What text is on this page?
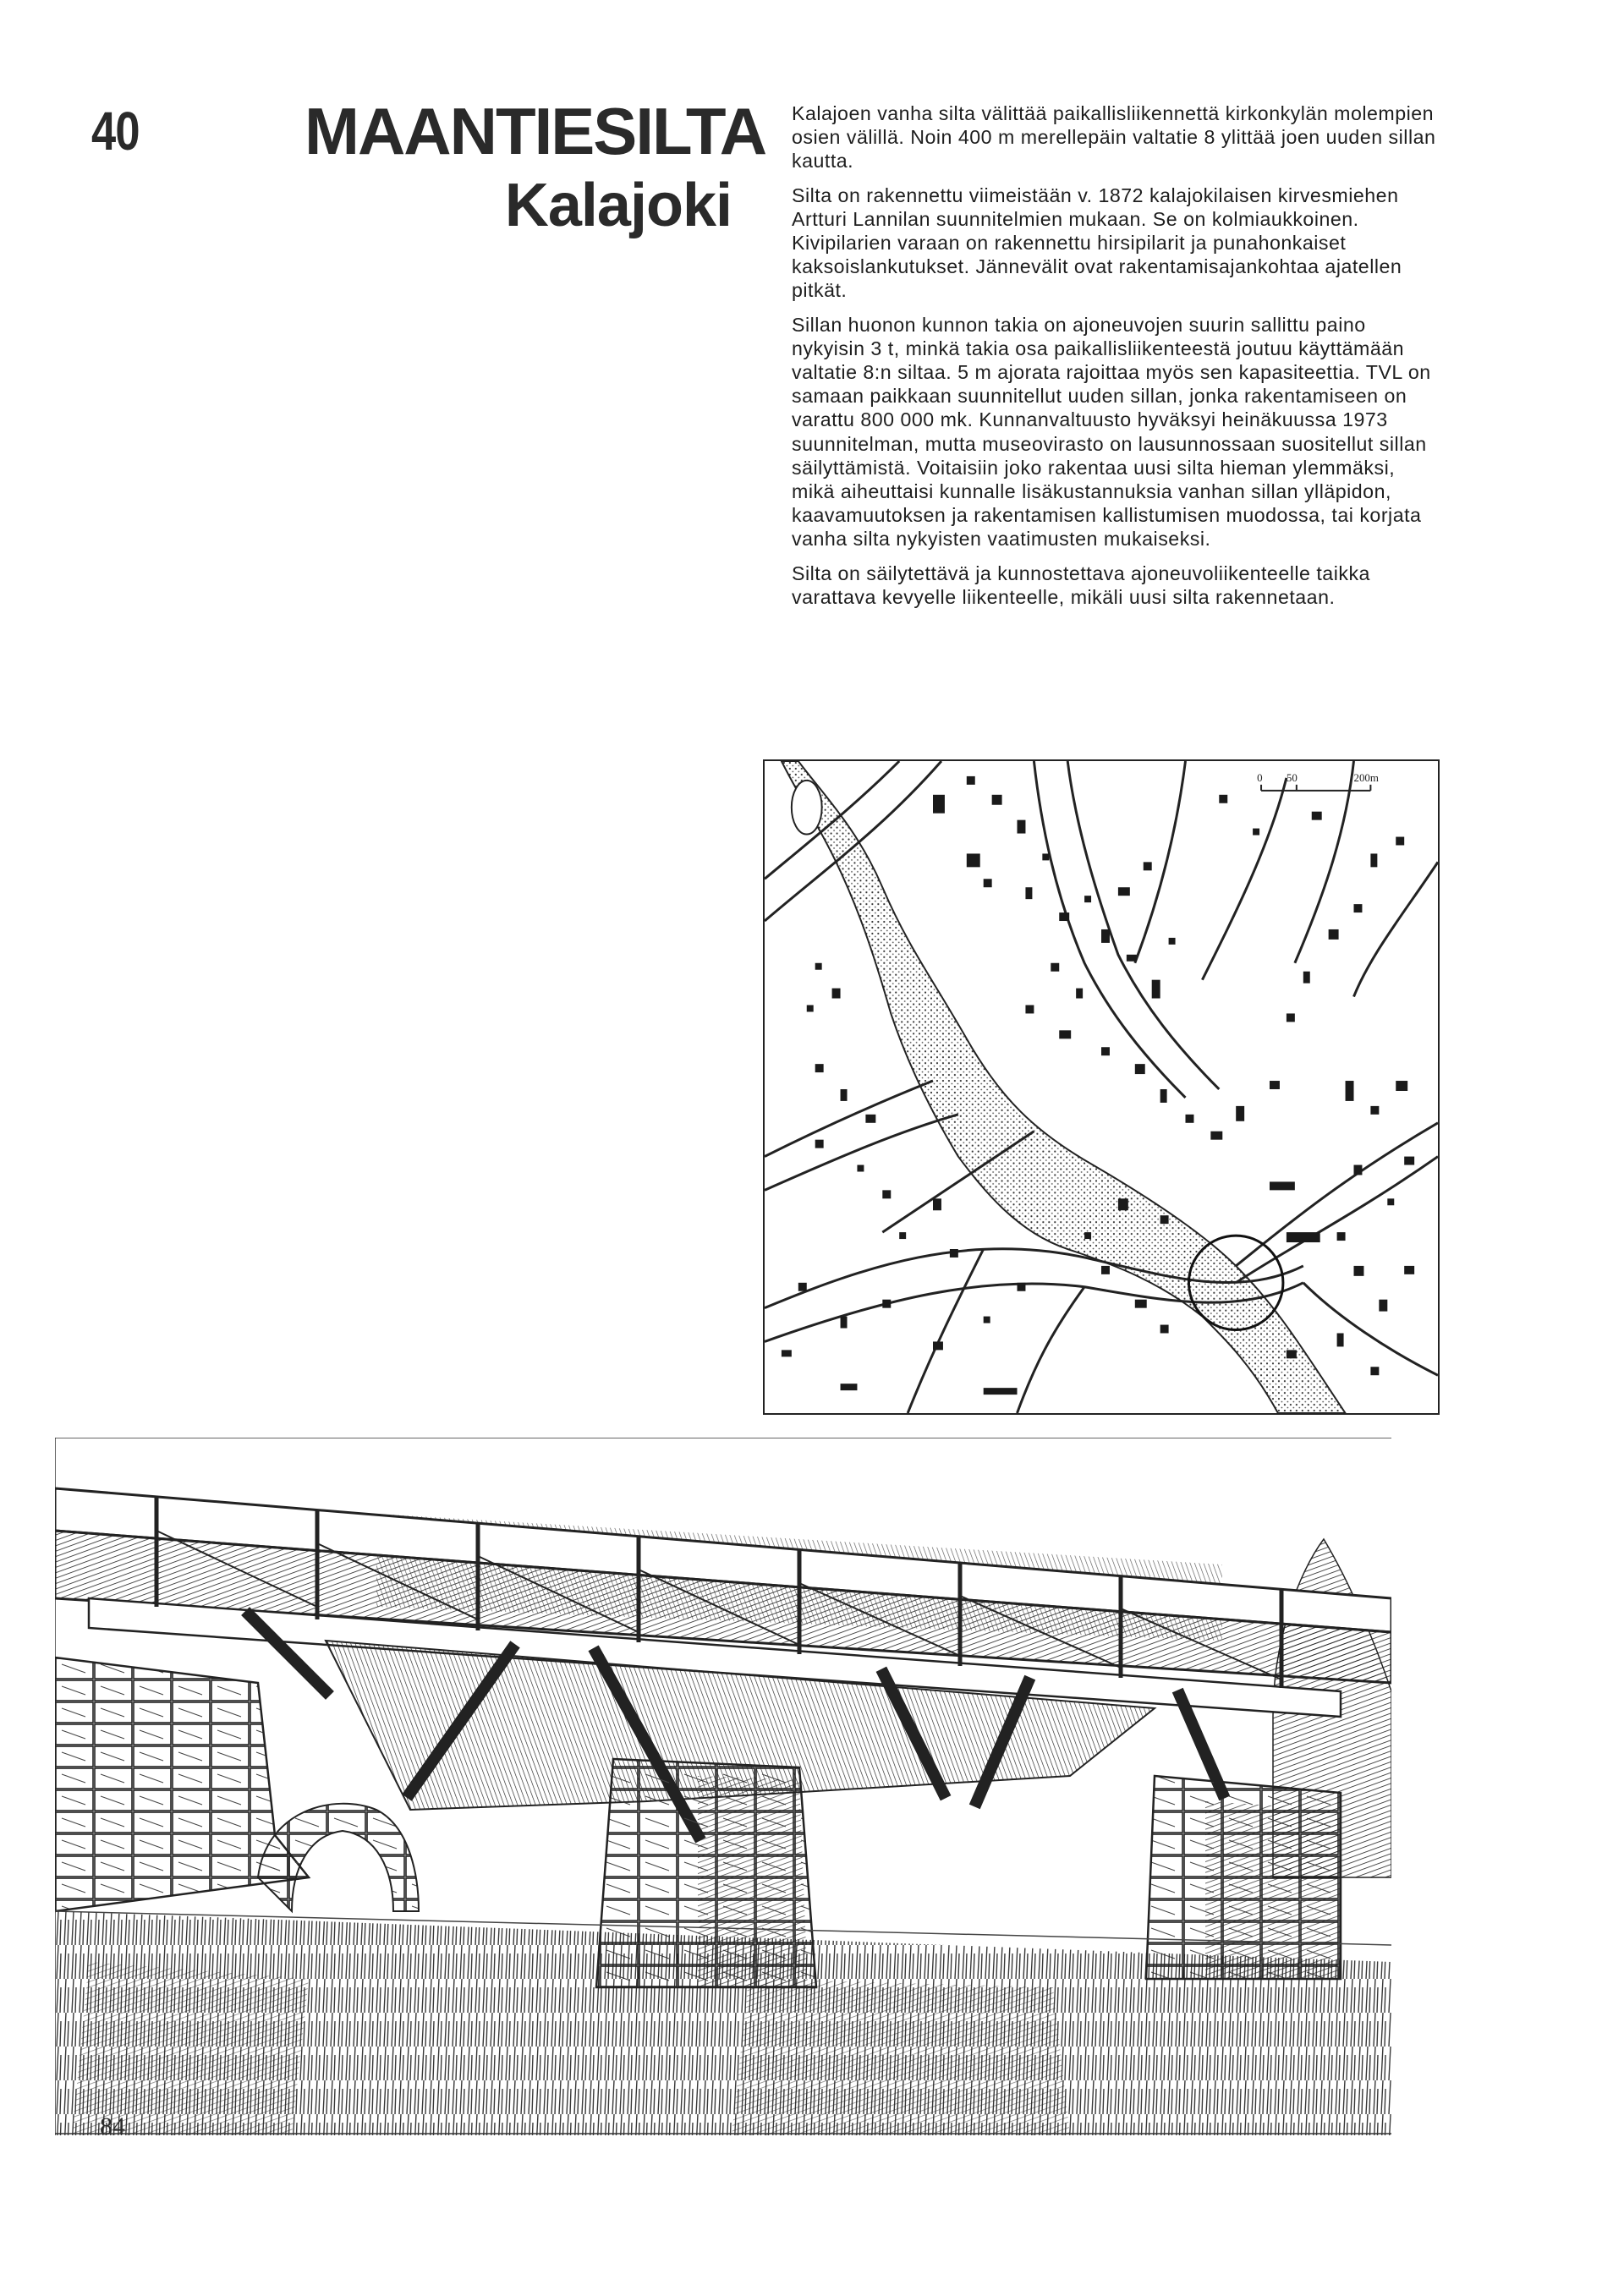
40	MAANTIESILTA
Kalajoki

Kalajoen vanha silta välittää paikallisliikennettä kirkonkylän molempien osien välillä. Noin 400 m merellepäin valtatie 8 ylittää joen uuden sillan kautta.

Silta on rakennettu viimeistään v. 1872 kalajokilaisen kirvesmiehen Artturi Lannilan suunnitelmien mukaan. Se on kolmiaukkoinen. Kivipilarien varaan on rakennettu hirsipilarit ja punahonkaiset kaksoislankutukset. Jännevälit ovat rakentamisajankohtaa ajatellen pitkät.

Sillan huonon kunnon takia on ajoneuvojen suurin sallittu paino nykyisin 3 t, minkä takia osa paikallisliikenteestä joutuu käyttämään valtatie 8:n siltaa. 5 m ajorata rajoittaa myös sen kapasiteettia. TVL on samaan paikkaan suunnitellut uuden sillan, jonka rakentamiseen on varattu 800 000 mk. Kunnanvaltuusto hyväksyi heinäkuussa 1973 suunnitelman, mutta museovirasto on lausunnossaan suositellut sillan säilyttämistä. Voitaisiin joko rakentaa uusi silta hieman ylemmäksi, mikä aiheuttaisi kunnalle lisäkustannuksia vanhan sillan ylläpidon, kaavamuutoksen ja rakentamisen kallistumisen muodossa, tai korjata vanha silta nykyisten vaatimusten mukaiseksi.

Silta on säilytettävä ja kunnostettava ajoneuvoliikenteelle taikka varattava kevyelle liikenteelle, mikäli uusi silta rakennetaan.

0 50	200m
84
